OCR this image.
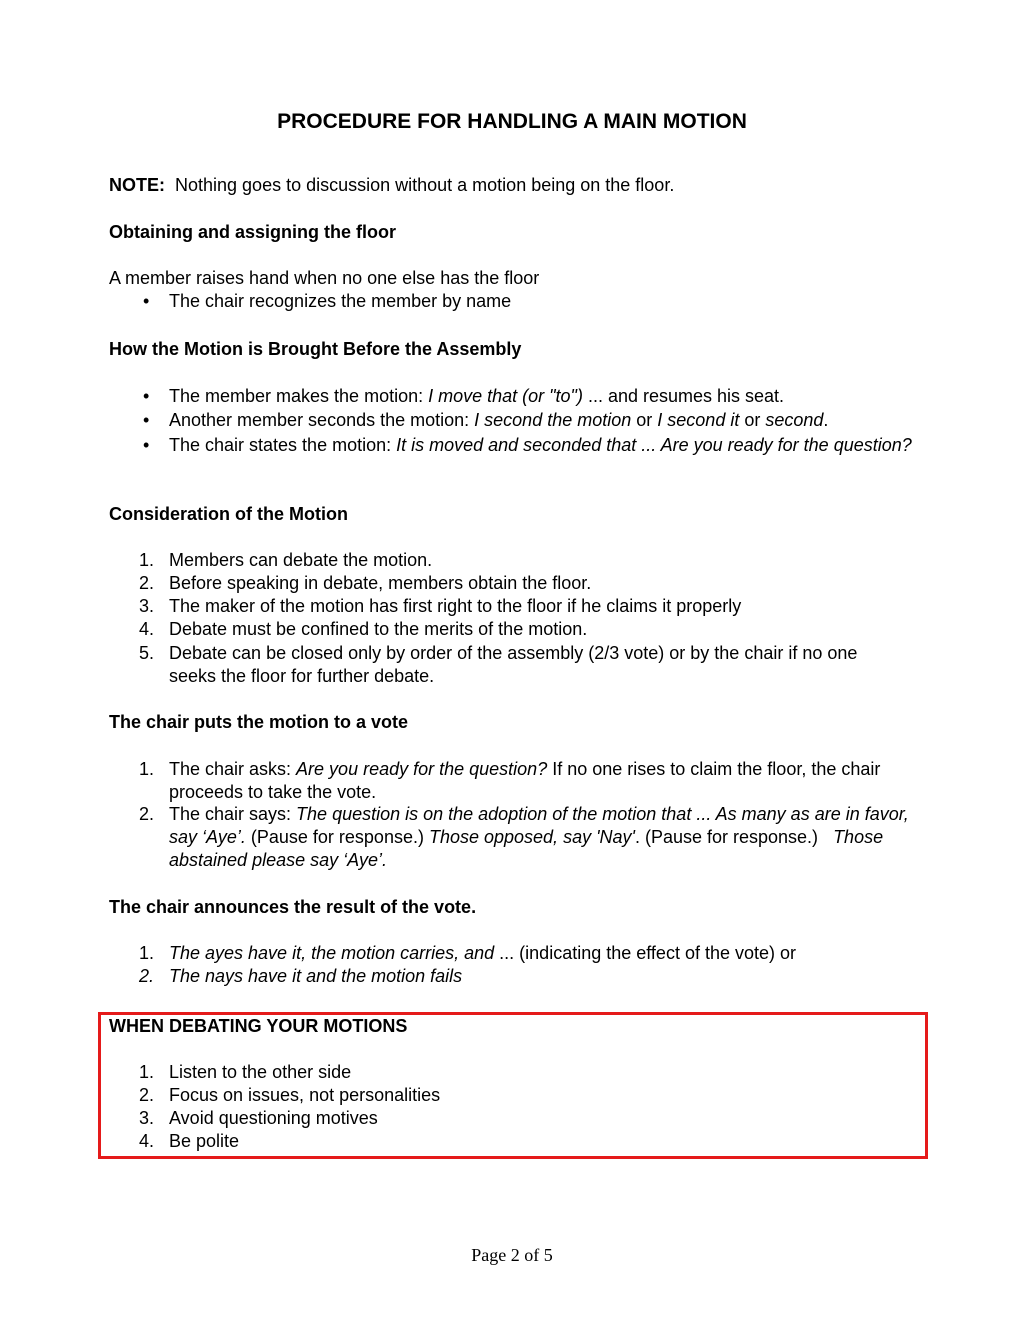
PROCEDURE FOR HANDLING A MAIN MOTION
NOTE:  Nothing goes to discussion without a motion being on the floor.
Obtaining and assigning the floor
A member raises hand when no one else has the floor
• The chair recognizes the member by name
How the Motion is Brought Before the Assembly
• The member makes the motion: I move that (or "to") ... and resumes his seat.
• Another member seconds the motion: I second the motion or I second it or second.
• The chair states the motion: It is moved and seconded that ... Are you ready for the question?
Consideration of the Motion
1. Members can debate the motion.
2. Before speaking in debate, members obtain the floor.
3. The maker of the motion has first right to the floor if he claims it properly
4. Debate must be confined to the merits of the motion.
5. Debate can be closed only by order of the assembly (2/3 vote) or by the chair if no one seeks the floor for further debate.
The chair puts the motion to a vote
1. The chair asks: Are you ready for the question? If no one rises to claim the floor, the chair proceeds to take the vote.
2. The chair says: The question is on the adoption of the motion that ... As many as are in favor, say ‘Aye’. (Pause for response.) Those opposed, say 'Nay'. (Pause for response.)   Those abstained please say ‘Aye’.
The chair announces the result of the vote.
1. The ayes have it, the motion carries, and ... (indicating the effect of the vote) or
2. The nays have it and the motion fails
WHEN DEBATING YOUR MOTIONS
1. Listen to the other side
2. Focus on issues, not personalities
3. Avoid questioning motives
4. Be polite
Page 2 of 5
